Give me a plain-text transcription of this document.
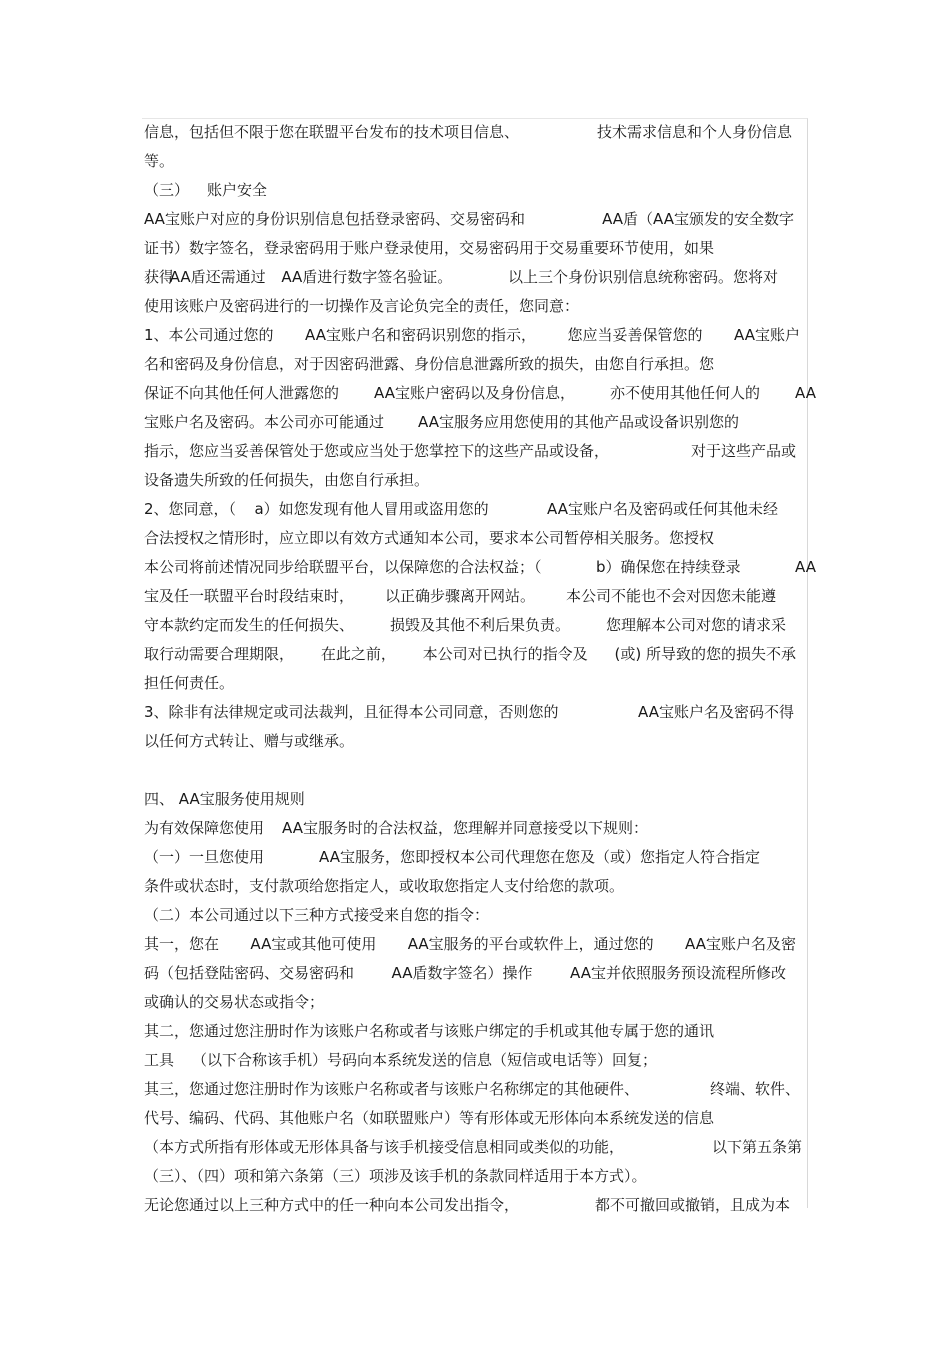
信息，包括但不限于您在联盟平台发布的技术项目信息、	技术需求信息和个人身份信息
等。
（三） 账户安全
AA宝账户对应的身份识别信息包括登录密码、交易密码和	AA盾（AA宝颁发的安全数字
证书）数字签名，登录密码用于账户登录使用，交易密码用于交易重要环节使用，如果
获得
AA盾还需通过 AA盾进行数字签名验证。	以上三个身份识别信息统称密码。您将对
使用该账户及密码进行的一切操作及言论负完全的责任，您同意：
1、本公司通过您的 AA宝账户名和密码识别您的指示， 您应当妥善保管您的 AA宝账户
名和密码及身份信息，对于因密码泄露、身份信息泄露所致的损失，由您自行承担。您
保证不向其他任何人泄露您的 AA宝账户密码以及身份信息， 亦不使用其他任何人的 AA
宝账户名及密码。本公司亦可能通过 AA宝服务应用您使用的其他产品或设备识别您的
指示，您应当妥善保管处于您或应当处于您掌控下的这些产品或设备，	对于这些产品或
设备遗失所致的任何损失，由您自行承担。
2、您同意，（ a）如您发现有他人冒用或盗用您的	AA宝账户名及密码或任何其他未经
合法授权之情形时，应立即以有效方式通知本公司，要求本公司暂停相关服务。您授权
本公司将前述情况同步给联盟平台，以保障您的合法权益；（	b）确保您在持续登录	AA
宝及任一联盟平台时段结束时， 以正确步骤离开网站。 本公司不能也不会对因您未能遵
守本款约定而发生的任何损失、 损毁及其他不利后果负责。 您理解本公司对您的请求采
取行动需要合理期限， 在此之前， 本公司对已执行的指令及 (或) 所导致的您的损失不承
担任何责任。
3、除非有法律规定或司法裁判，且征得本公司同意，否则您的	AA宝账户名及密码不得
以任何方式转让、赠与或继承。
四、 AA宝服务使用规则
为有效保障您使用 AA宝服务时的合法权益，您理解并同意接受以下规则：
（一）一旦您使用	AA宝服务，您即授权本公司代理您在您及（或）您指定人符合指定
条件或状态时，支付款项给您指定人，或收取您指定人支付给您的款项。
（二）本公司通过以下三种方式接受来自您的指令：
其一，您在 AA宝或其他可使用 AA宝服务的平台或软件上，通过您的 AA宝账户名及密
码（包括登陆密码、交易密码和	AA盾数字签名）操作	AA宝并依照服务预设流程所修改
或确认的交易状态或指令；
其二，您通过您注册时作为该账户名称或者与该账户绑定的手机或其他专属于您的通讯
工具 （以下合称该手机）号码向本系统发送的信息（短信或电话等）回复；
其三，您通过您注册时作为该账户名称或者与该账户名称绑定的其他硬件、	终端、软件、
代号、编码、代码、其他账户名（如联盟账户）等有形体或无形体向本系统发送的信息
（本方式所指有形体或无形体具备与该手机接受信息相同或类似的功能，	以下第五条第
（三）、（四）项和第六条第（三）项涉及该手机的条款同样适用于本方式）。
无论您通过以上三种方式中的任一种向本公司发出指令，	都不可撤回或撤销，且成为本
